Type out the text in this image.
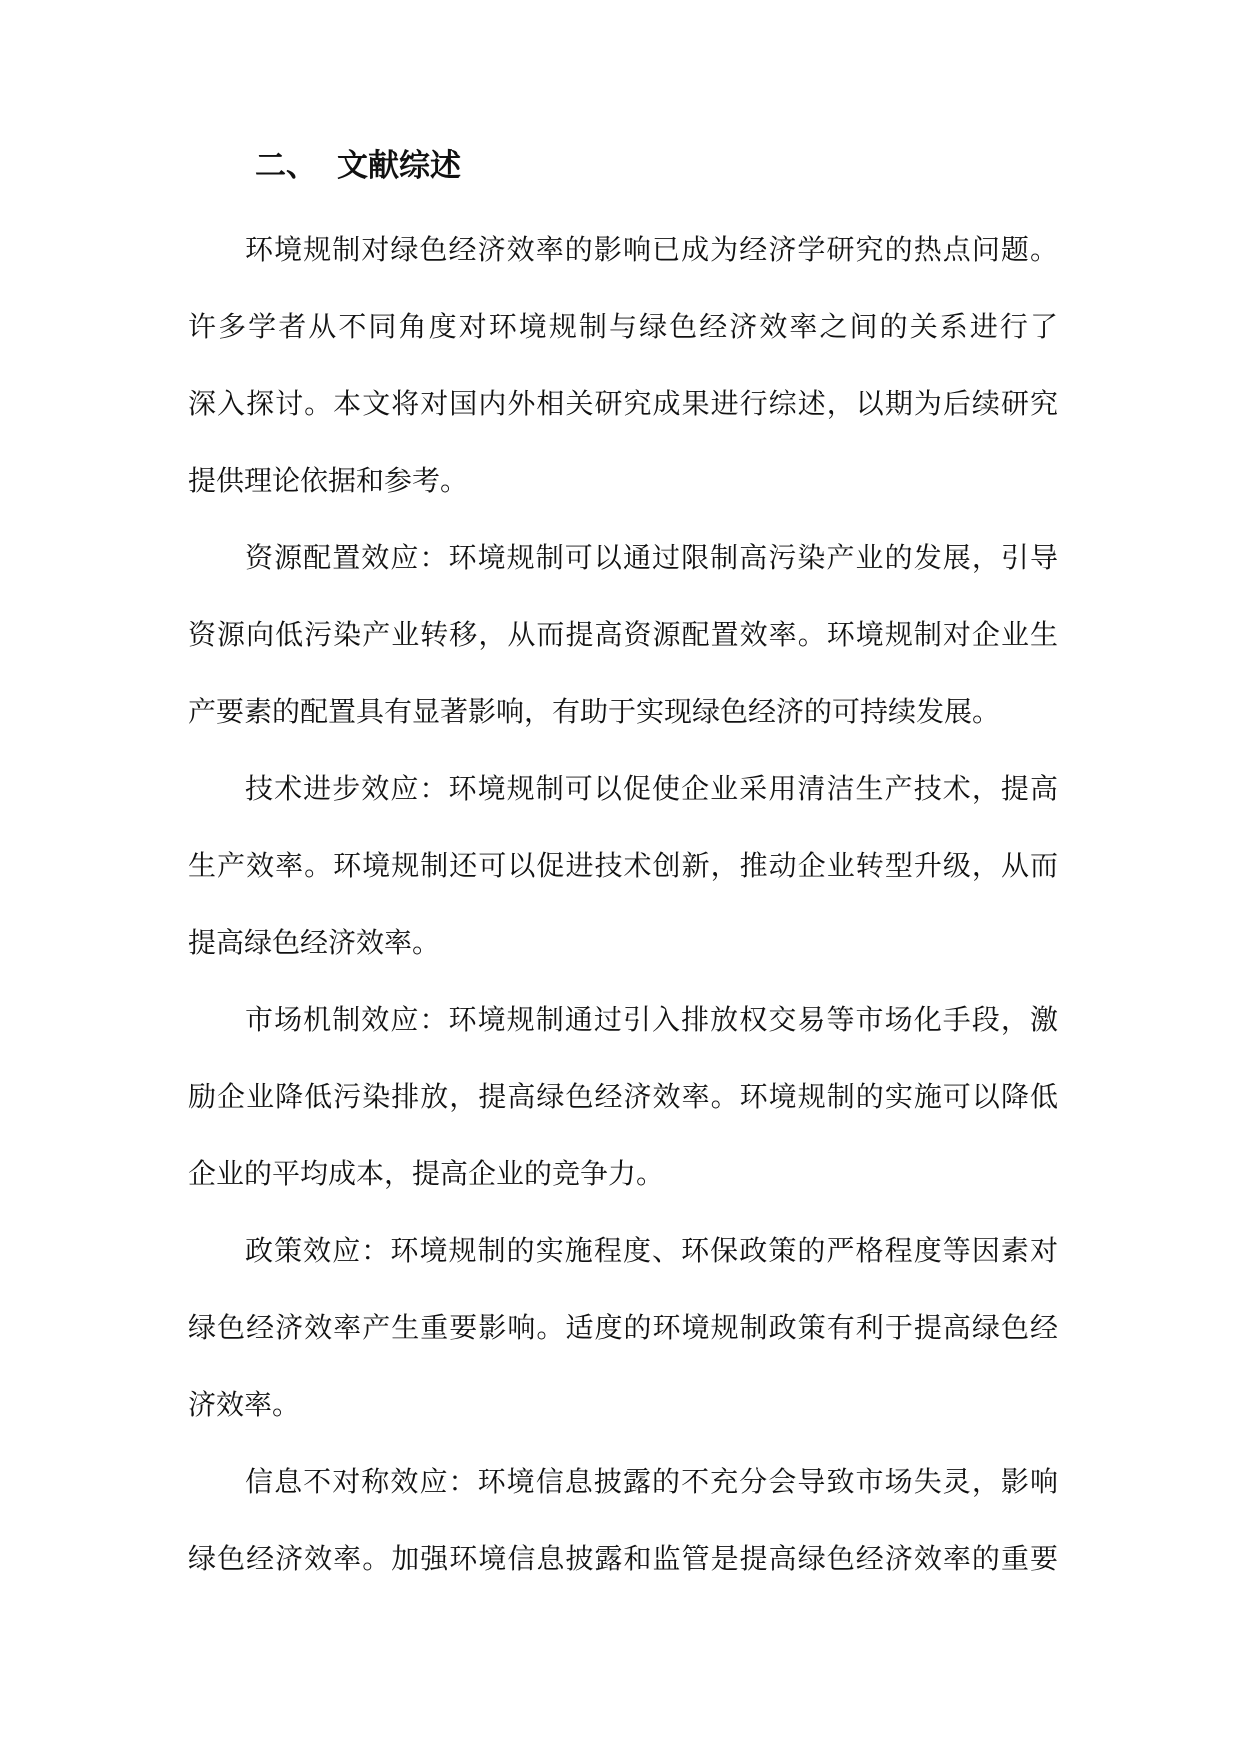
二、 文献综述
环境规制对绿色经济效率的影响已成为经济学研究的热点问题。
许多学者从不同角度对环境规制与绿色经济效率之间的关系进行了
深入探讨。本文将对国内外相关研究成果进行综述，以期为后续研究
提供理论依据和参考。
资源配置效应：环境规制可以通过限制高污染产业的发展，引导
资源向低污染产业转移，从而提高资源配置效率。环境规制对企业生
产要素的配置具有显著影响，有助于实现绿色经济的可持续发展。
技术进步效应：环境规制可以促使企业采用清洁生产技术，提高
生产效率。环境规制还可以促进技术创新，推动企业转型升级，从而
提高绿色经济效率。
市场机制效应：环境规制通过引入排放权交易等市场化手段，激
励企业降低污染排放，提高绿色经济效率。环境规制的实施可以降低
企业的平均成本，提高企业的竞争力。
政策效应：环境规制的实施程度、环保政策的严格程度等因素对
绿色经济效率产生重要影响。适度的环境规制政策有利于提高绿色经
济效率。
信息不对称效应：环境信息披露的不充分会导致市场失灵，影响
绿色经济效率。加强环境信息披露和监管是提高绿色经济效率的重要
